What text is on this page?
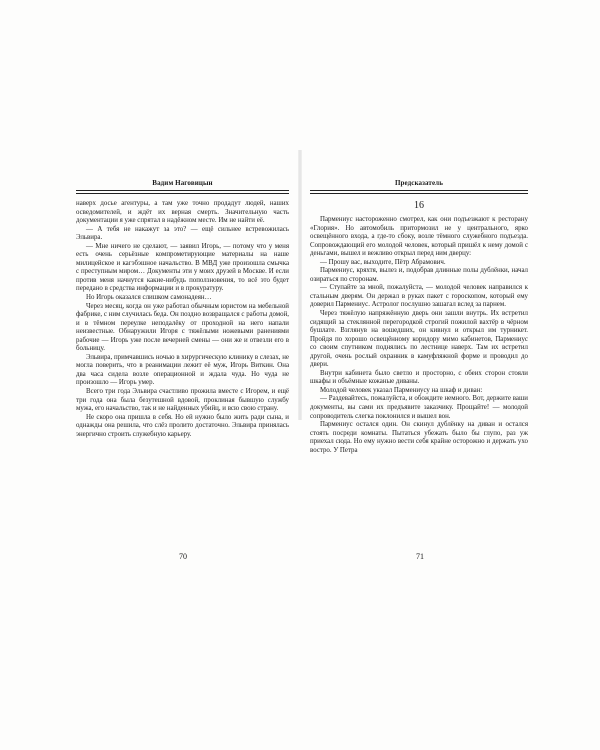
Вадим Наговицын

наверх досье агентуры, а там уже точно продадут людей, наших осведомителей, и ждёт их верная смерть. Значительную часть документации я уже спрятал в надёжном месте. Им не найти её.

— А тебя не накажут за это? — ещё сильнее встревожилась Эльвира.

— Мне ничего не сделают, — заявил Игорь, — потому что у меня есть очень серьёзные компрометирующие материалы на наше милицейское и кагэбэшное начальство. В МВД уже произошла смычка с преступным миром… Документы эти у моих друзей в Москве. И если против меня начнутся какие-нибудь поползновения, то всё это будет передано в средства информации и в прокуратуру.

Но Игорь оказался слишком самонадеян…

Через месяц, когда он уже работал обычным юристом на мебельной фабрике, с ним случилась беда. Он поздно возвращался с работы домой, и в тёмном переулке неподалёку от проходной на него напали неизвестные. Обнаружили Игоря с тяжёлыми ножевыми ранениями рабочие — Игорь уже после вечерней смены — они же и отвезли его в больницу.

Эльвира, примчавшись ночью в хирургическую клинику в слезах, не могла поверить, что в реанимации лежит её муж, Игорь Виткин. Она два часа сидела возле операционной и ждала чуда. Но чуда не произошло — Игорь умер.

Всего три года Эльвира счастливо прожила вместе с Игорем, и ещё три года она была безутешной вдовой, проклиная бывшую службу мужа, его начальство, так и не найденных убийц, и всю свою страну.

Не скоро она пришла в себя. Но ей нужно было жить ради сына, и однажды она решила, что слёз пролито достаточно. Эльвира принялась энергично строить служебную карьеру.

70
Предсказатель
16

Пармениус настороженно смотрел, как они подъезжают к ресторану «Глория». Но автомобиль притормозил не у центрального, ярко освещённого входа, а где-то сбоку, возле тёмного служебного подъезда. Сопровождающий его молодой человек, который пришёл к нему домой с деньгами, вышел и вежливо открыл перед ним дверцу:

— Прошу вас, выходите, Пётр Абрамович.

Пармениус, кряхтя, вылез и, подобрав длинные полы дублёнки, начал озираться по сторонам.

— Ступайте за мной, пожалуйста, — молодой человек направился к стальным дверям. Он держал в руках пакет с гороскопом, который ему доверил Пармениус. Астролог послушно зашагал вслед за парнем.

Через тяжёлую напряжённую дверь они зашли внутрь. Их встретил сидящий за стеклянной перегородкой строгий пожилой вахтёр в чёрном бушлате. Взглянув на вошедших, он кивнул и открыл им турникет. Пройдя по хорошо освещённому коридору мимо кабинетов, Пармениус со своим спутником поднялись по лестнице наверх. Там их встретил другой, очень рослый охранник в камуфляжной форме и проводил до двери.

Внутри кабинета было светло и просторно, с обеих сторон стояли шкафы и объёмные кожаные диваны.

Молодой человек указал Пармениусу на шкаф и диван:

— Раздевайтесь, пожалуйста, и обождите немного. Вот, держите ваши документы, вы сами их предъявите заказчику. Прощайте! — молодой сопроводитель слегка поклонился и вышел вон.

Пармениус остался один. Он скинул дублёнку на диван и остался стоять посреди комнаты. Пытаться убежать было бы глупо, раз уж приехал сюда. Но ему нужно вести себя крайне осторожно и держать ухо востро. У Петра

71
